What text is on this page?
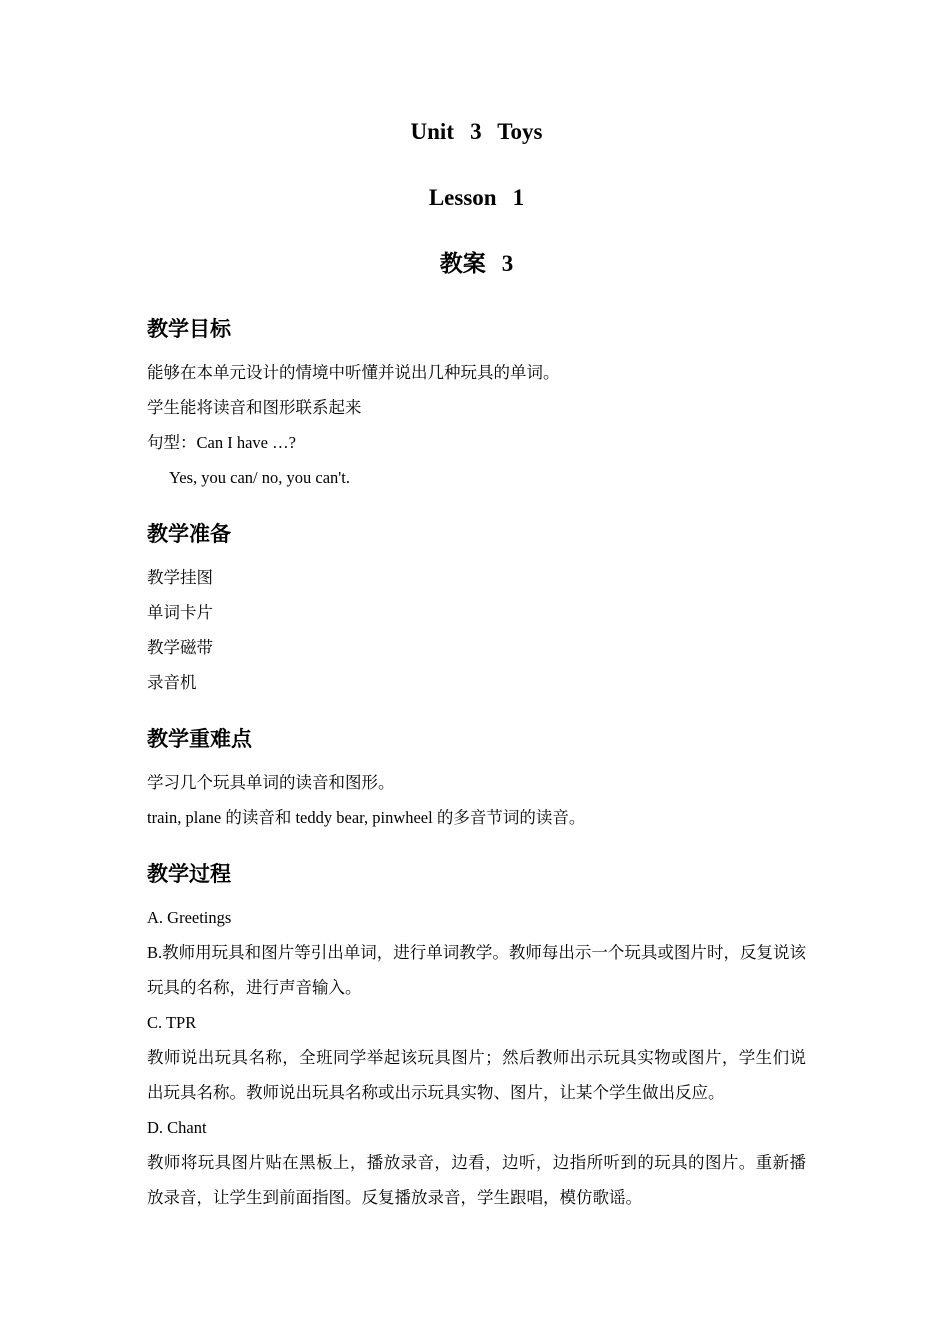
Unit 3 Toys
Lesson 1
教案 3
教学目标

能够在本单元设计的情境中听懂并说出几种玩具的单词。

学生能将读音和图形联系起来

句型：Can I have …?

Yes, you can/ no, you can't.

教学准备

教学挂图

单词卡片

教学磁带

录音机

教学重难点

学习几个玩具单词的读音和图形。

train, plane 的读音和 teddy bear, pinwheel 的多音节词的读音。

教学过程

A. Greetings

B.教师用玩具和图片等引出单词，进行单词教学。教师每出示一个玩具或图片时，反复说该玩具的名称，进行声音输入。

C. TPR

教师说出玩具名称，全班同学举起该玩具图片；然后教师出示玩具实物或图片，学生们说出玩具名称。教师说出玩具名称或出示玩具实物、图片，让某个学生做出反应。

D. Chant

教师将玩具图片贴在黑板上，播放录音，边看，边听，边指所听到的玩具的图片。重新播放录音，让学生到前面指图。反复播放录音，学生跟唱，模仿歌谣。
